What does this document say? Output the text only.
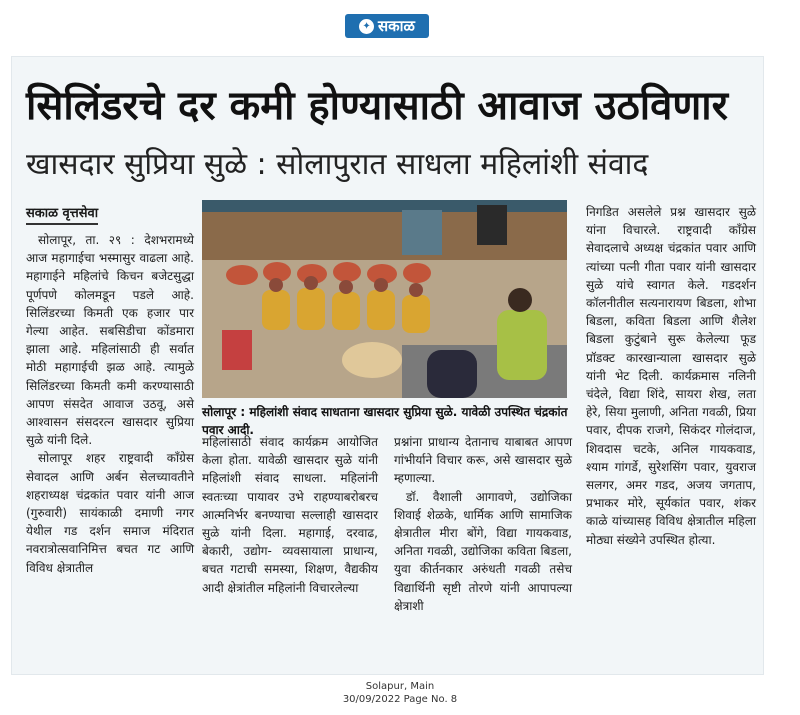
✦ सकाळ
सिलिंडरचे दर कमी होण्यासाठी आवाज उठविणार
खासदार सुप्रिया सुळे : सोलापुरात साधला महिलांशी संवाद
सकाळ वृत्तसेवा

सोलापूर, ता. २९ : देशभरामध्ये आज महागाईचा भस्मासुर वाढला आहे. महागाईने महिलांचे किचन बजेटसुद्धा पूर्णपणे कोलमडून पडले आहे. सिलिंडरच्या किमती एक हजार पार गेल्या आहेत. सबसिडीचा कोंडमारा झाला आहे. महिलांसाठी ही सर्वात मोठी महागाईची झळ आहे. त्यामुळे सिलिंडरच्या किमती कमी करण्यासाठी आपण संसदेत आवाज उठवू, असे आश्वासन संसदरत्न खासदार सुप्रिया सुळे यांनी दिले.

सोलापूर शहर राष्ट्रवादी कॉंग्रेस सेवादल आणि अर्बन सेलच्यावतीने शहराध्यक्ष चंद्रकांत पवार यांनी आज (गुरुवारी) सायंकाळी दमाणी नगर येथील गड दर्शन समाज मंदिरात नवरात्रोत्सवानिमित्त बचत गट आणि विविध क्षेत्रातील

सोलापूर : महिलांशी संवाद साधताना खासदार सुप्रिया सुळे. यावेळी उपस्थित चंद्रकांत पवार आदी.

महिलांसाठी संवाद कार्यक्रम आयोजित केला होता. यावेळी खासदार सुळे यांनी महिलांशी संवाद साधला. महिलांनी स्वतःच्या पायावर उभे राहण्याबरोबरच आत्मनिर्भर बनण्याचा सल्लाही खासदार सुळे यांनी दिला. महागाई, दरवाढ, बेकारी, उद्योग- व्यवसायाला प्राधान्य, बचत गटाची समस्या, शिक्षण, वैद्यकीय आदी क्षेत्रांतील महिलांनी विचारलेल्या

प्रश्नांना प्राधान्य देतानाच याबाबत आपण गांभीर्याने विचार करू, असे खासदार सुळे म्हणाल्या.

डॉ. वैशाली आगावणे, उद्योजिका शिवाई शेळके, धार्मिक आणि सामाजिक क्षेत्रातील मीरा बोंगे, विद्या गायकवाड, अनिता गवळी, उद्योजिका कविता बिडला, युवा कीर्तनकार अरुंधती गवळी तसेच विद्यार्थिनी सृष्टी तोरणे यांनी आपापल्या क्षेत्राशी

निगडित असलेले प्रश्न खासदार सुळे यांना विचारले. राष्ट्रवादी कॉंग्रेस सेवादलाचे अध्यक्ष चंद्रकांत पवार आणि त्यांच्या पत्नी गीता पवार यांनी खासदार सुळे यांचे स्वागत केले. गडदर्शन कॉलनीतील सत्यनारायण बिडला, शोभा बिडला, कविता बिडला आणि शैलेश बिडला कुटुंबाने सुरू केलेल्या फूड प्रॉडक्ट कारखान्याला खासदार सुळे यांनी भेट दिली. कार्यक्रमास नलिनी चंदेले, विद्या शिंदे, सायरा शेख, लता हेरे, सिया मुलाणी, अनिता गवळी, प्रिया पवार, दीपक राजगे, सिकंदर गोलंदाज, शिवदास चटके, अनिल गायकवाड, श्याम गांगर्डे, सुरेशसिंग पवार, युवराज सलगर, अमर गडद, अजय जगताप, प्रभाकर मोरे, सूर्यकांत पवार, शंकर काळे यांच्यासह विविध क्षेत्रातील महिला मोठ्या संख्येने उपस्थित होत्या.

Solapur, Main
30/09/2022 Page No. 8
